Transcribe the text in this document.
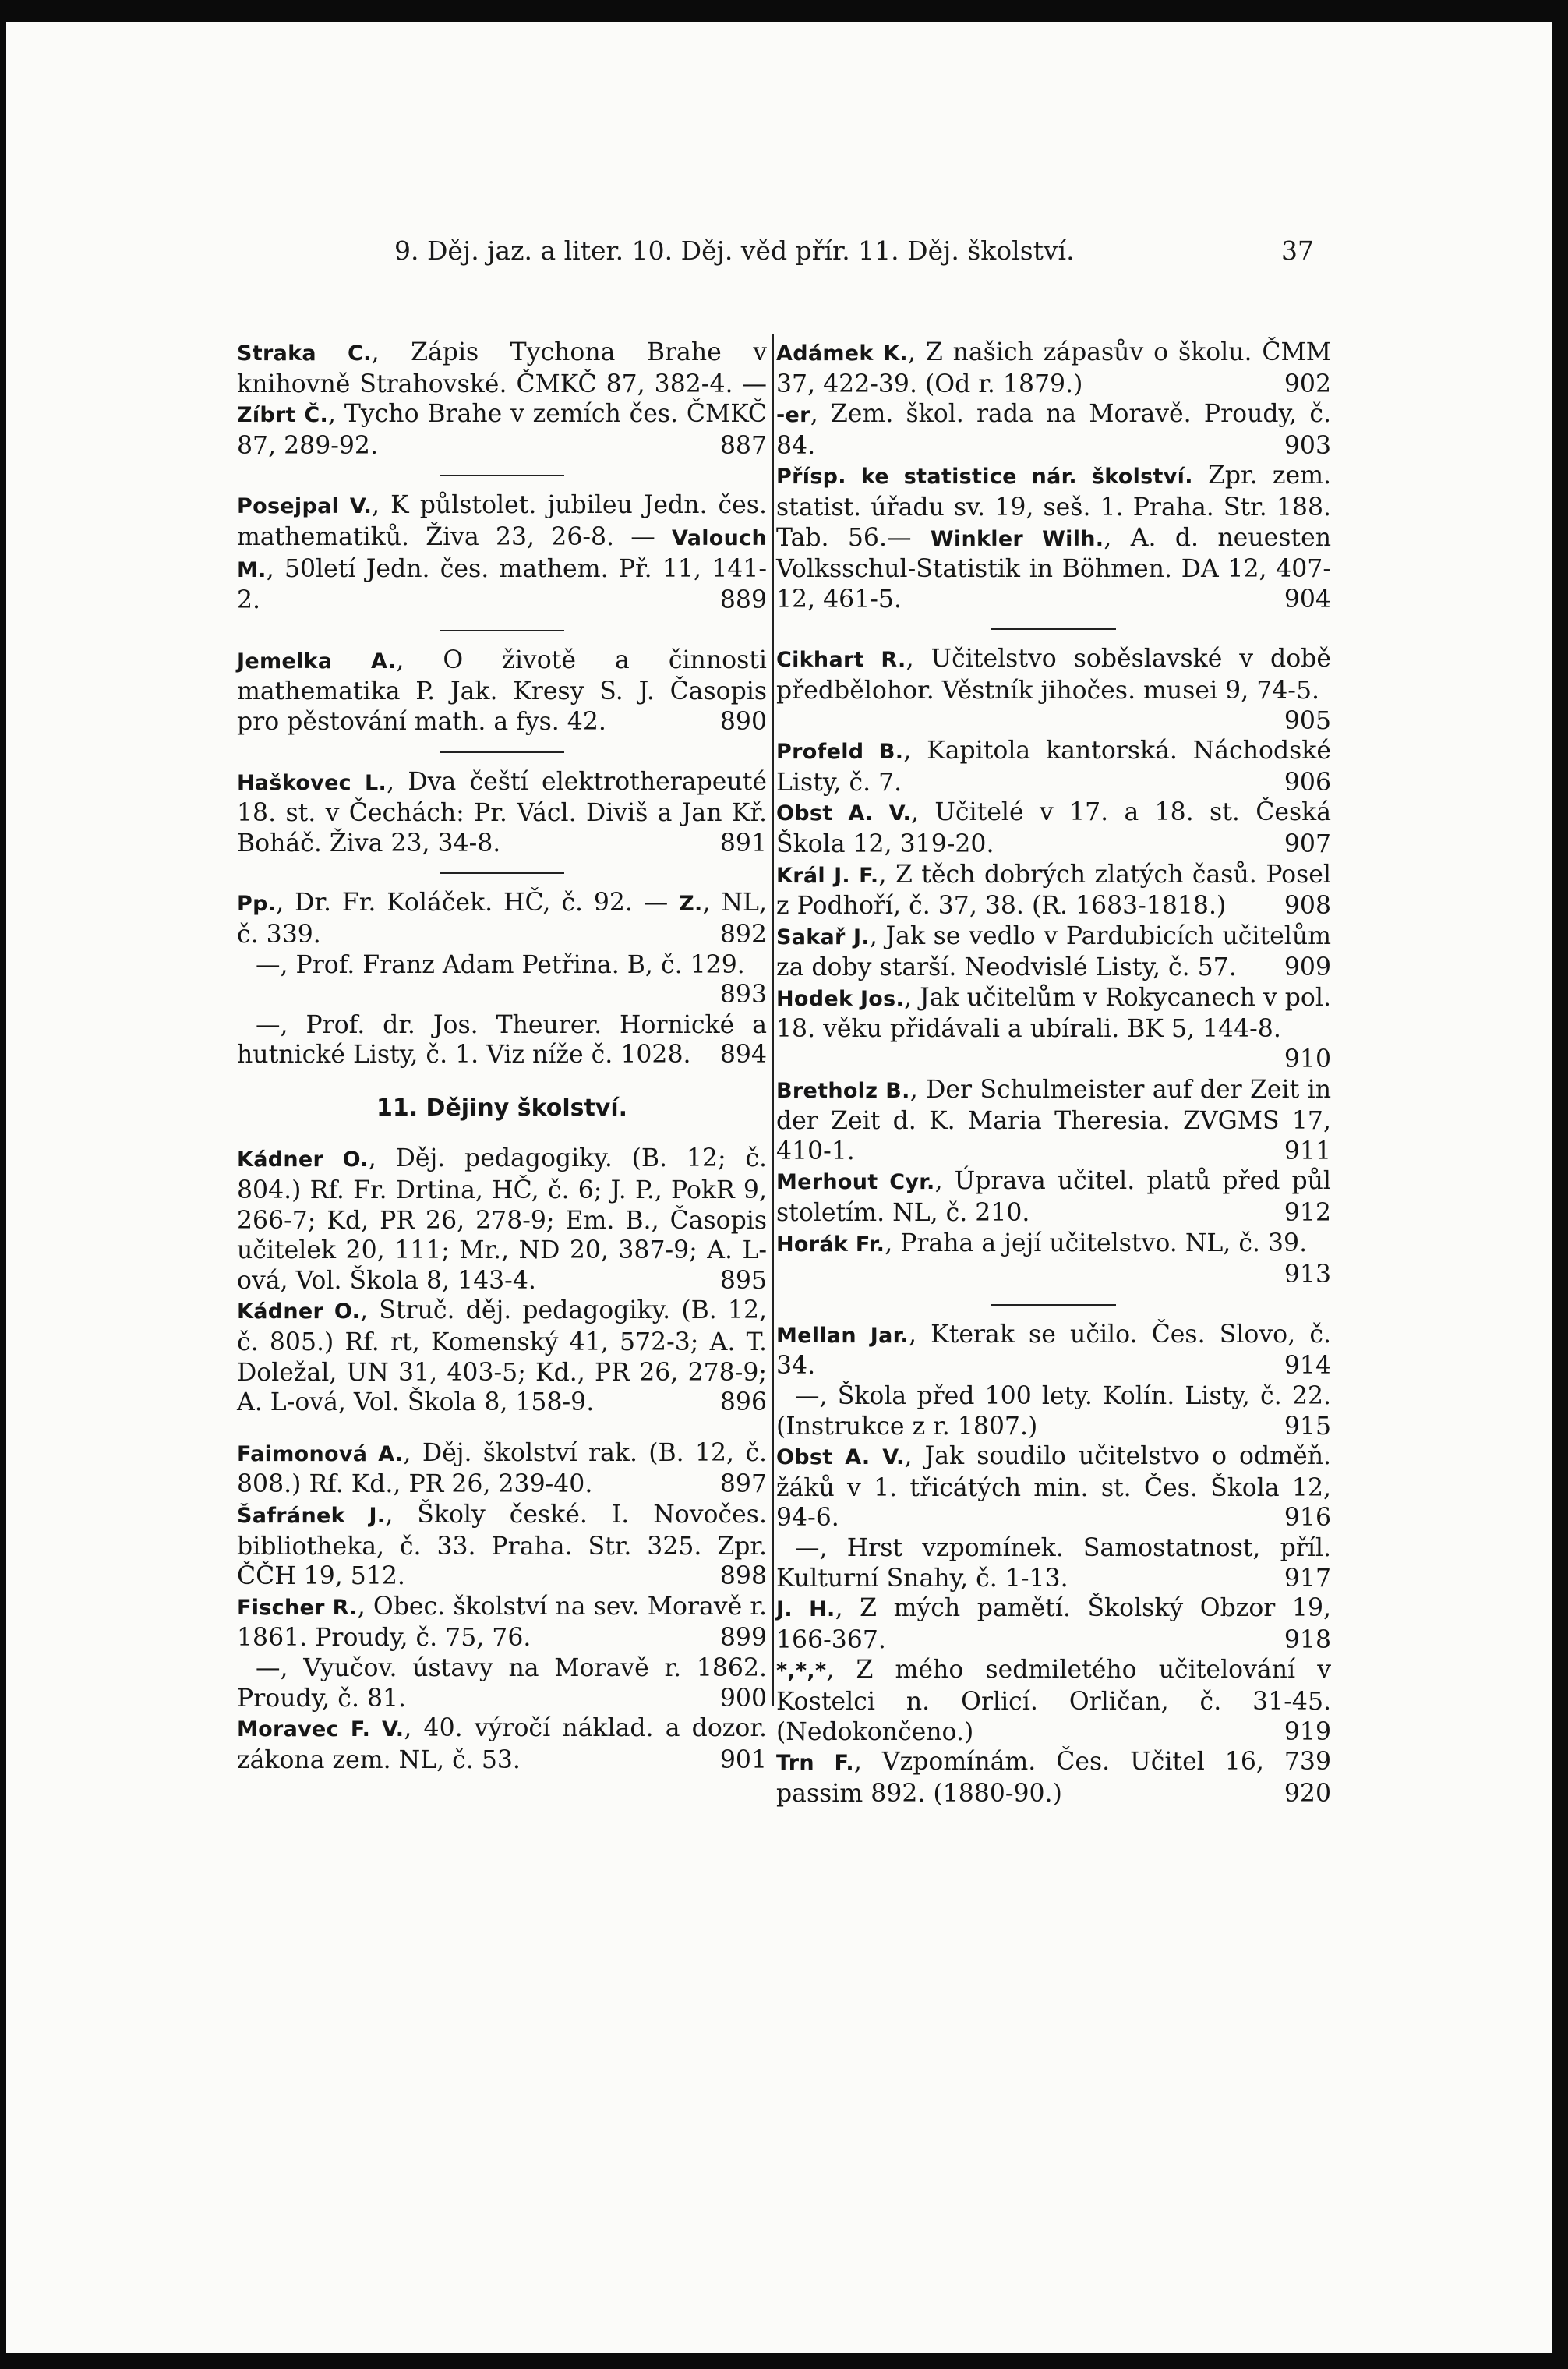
9. Děj. jaz. a liter. 10. Děj. věd přír. 11. Děj. školství.	37
Straka C., Zápis Tychona Brahe v knihovně Strahovské. ČMKČ 87, 382-4. — Zíbrt Č., Tycho Brahe v zemích čes. ČMKČ 87, 289-92.	887
Posejpal V., K půlstolet. jubileu Jedn. čes. mathematiků. Živa 23, 26-8. — Valouch M., 50letí Jedn. čes. mathem. Př. 11, 141-2.	889
Jemelka A., O životě a činnosti mathematika P. Jak. Kresy S. J. Časopis pro pěstování math. a fys. 42.	890
Haškovec L., Dva čeští elektrotherapeuté 18. st. v Čechách: Pr. Václ. Diviš a Jan Kř. Boháč. Živa 23, 34-8.	891
Pp., Dr. Fr. Koláček. HČ, č. 92. — Z., NL, č. 339.	892
—, Prof. Franz Adam Petřina. B, č. 129.
893
—, Prof. dr. Jos. Theurer. Hornické a hutnické Listy, č. 1. Viz níže č. 1028.	894
11. Dějiny školství.
Kádner O., Děj. pedagogiky. (B. 12; č. 804.) Rf. Fr. Drtina, HČ, č. 6; J. P., PokR 9, 266-7; Kd, PR 26, 278-9; Em. B., Časopis učitelek 20, 111; Mr., ND 20, 387-9; A. L-ová, Vol. Škola 8, 143-4.	895
Kádner O., Struč. děj. pedagogiky. (B. 12, č. 805.) Rf. rt, Komenský 41, 572-3; A. T. Doležal, UN 31, 403-5; Kd., PR 26, 278-9; A. L-ová, Vol. Škola 8, 158-9.	896
Faimonová A., Děj. školství rak. (B. 12, č. 808.) Rf. Kd., PR 26, 239-40.	897
Šafránek J., Školy české. I. Novočes. bibliotheka, č. 33. Praha. Str. 325. Zpr. ČČH 19, 512.	898
Fischer R., Obec. školství na sev. Moravě r. 1861. Proudy, č. 75, 76.	899
—, Vyučov. ústavy na Moravě r. 1862. Proudy, č. 81.	900
Moravec F. V., 40. výročí náklad. a dozor. zákona zem. NL, č. 53.	901
Adámek K., Z našich zápasův o školu. ČMM 37, 422-39. (Od r. 1879.)	902
-er, Zem. škol. rada na Moravě. Proudy, č. 84.	903
Přísp. ke statistice nár. školství. Zpr. zem. statist. úřadu sv. 19, seš. 1. Praha. Str. 188. Tab. 56.— Winkler Wilh., A. d. neuesten Volksschul-Statistik in Böhmen. DA 12, 407-12, 461-5.	904
Cikhart R., Učitelstvo soběslavské v době předbělohor. Věstník jihočes. musei 9, 74-5.
905
Profeld B., Kapitola kantorská. Náchodské Listy, č. 7.	906
Obst A. V., Učitelé v 17. a 18. st. Česká Škola 12, 319-20.	907
Král J. F., Z těch dobrých zlatých časů. Posel z Podhoří, č. 37, 38. (R. 1683-1818.) 908
Sakař J., Jak se vedlo v Pardubicích učitelům za doby starší. Neodvislé Listy, č. 57. 909
Hodek Jos., Jak učitelům v Rokycanech v pol. 18. věku přidávali a ubírali. BK 5, 144-8.
910
Bretholz B., Der Schulmeister auf der Zeit in der Zeit d. K. Maria Theresia. ZVGMS 17, 410-1.	911
Merhout Cyr., Úprava učitel. platů před půl stoletím. NL, č. 210.	912
Horák Fr., Praha a její učitelstvo. NL, č. 39.
913
Mellan Jar., Kterak se učilo. Čes. Slovo, č. 34.	914
—, Škola před 100 lety. Kolín. Listy, č. 22. (Instrukce z r. 1807.)	915
Obst A. V., Jak soudilo učitelstvo o odměň. žáků v 1. třicátých min. st. Čes. Škola 12, 94-6.	916
—, Hrst vzpomínek. Samostatnost, příl. Kulturní Snahy, č. 1-13.	917
J. H., Z mých pamětí. Školský Obzor 19, 166-367.	918
*,*,*, Z mého sedmiletého učitelování v Kostelci n. Orlicí. Orličan, č. 31-45. (Nedokončeno.)	919
Trn F., Vzpomínám. Čes. Učitel 16, 739 passim 892. (1880-90.)	920
